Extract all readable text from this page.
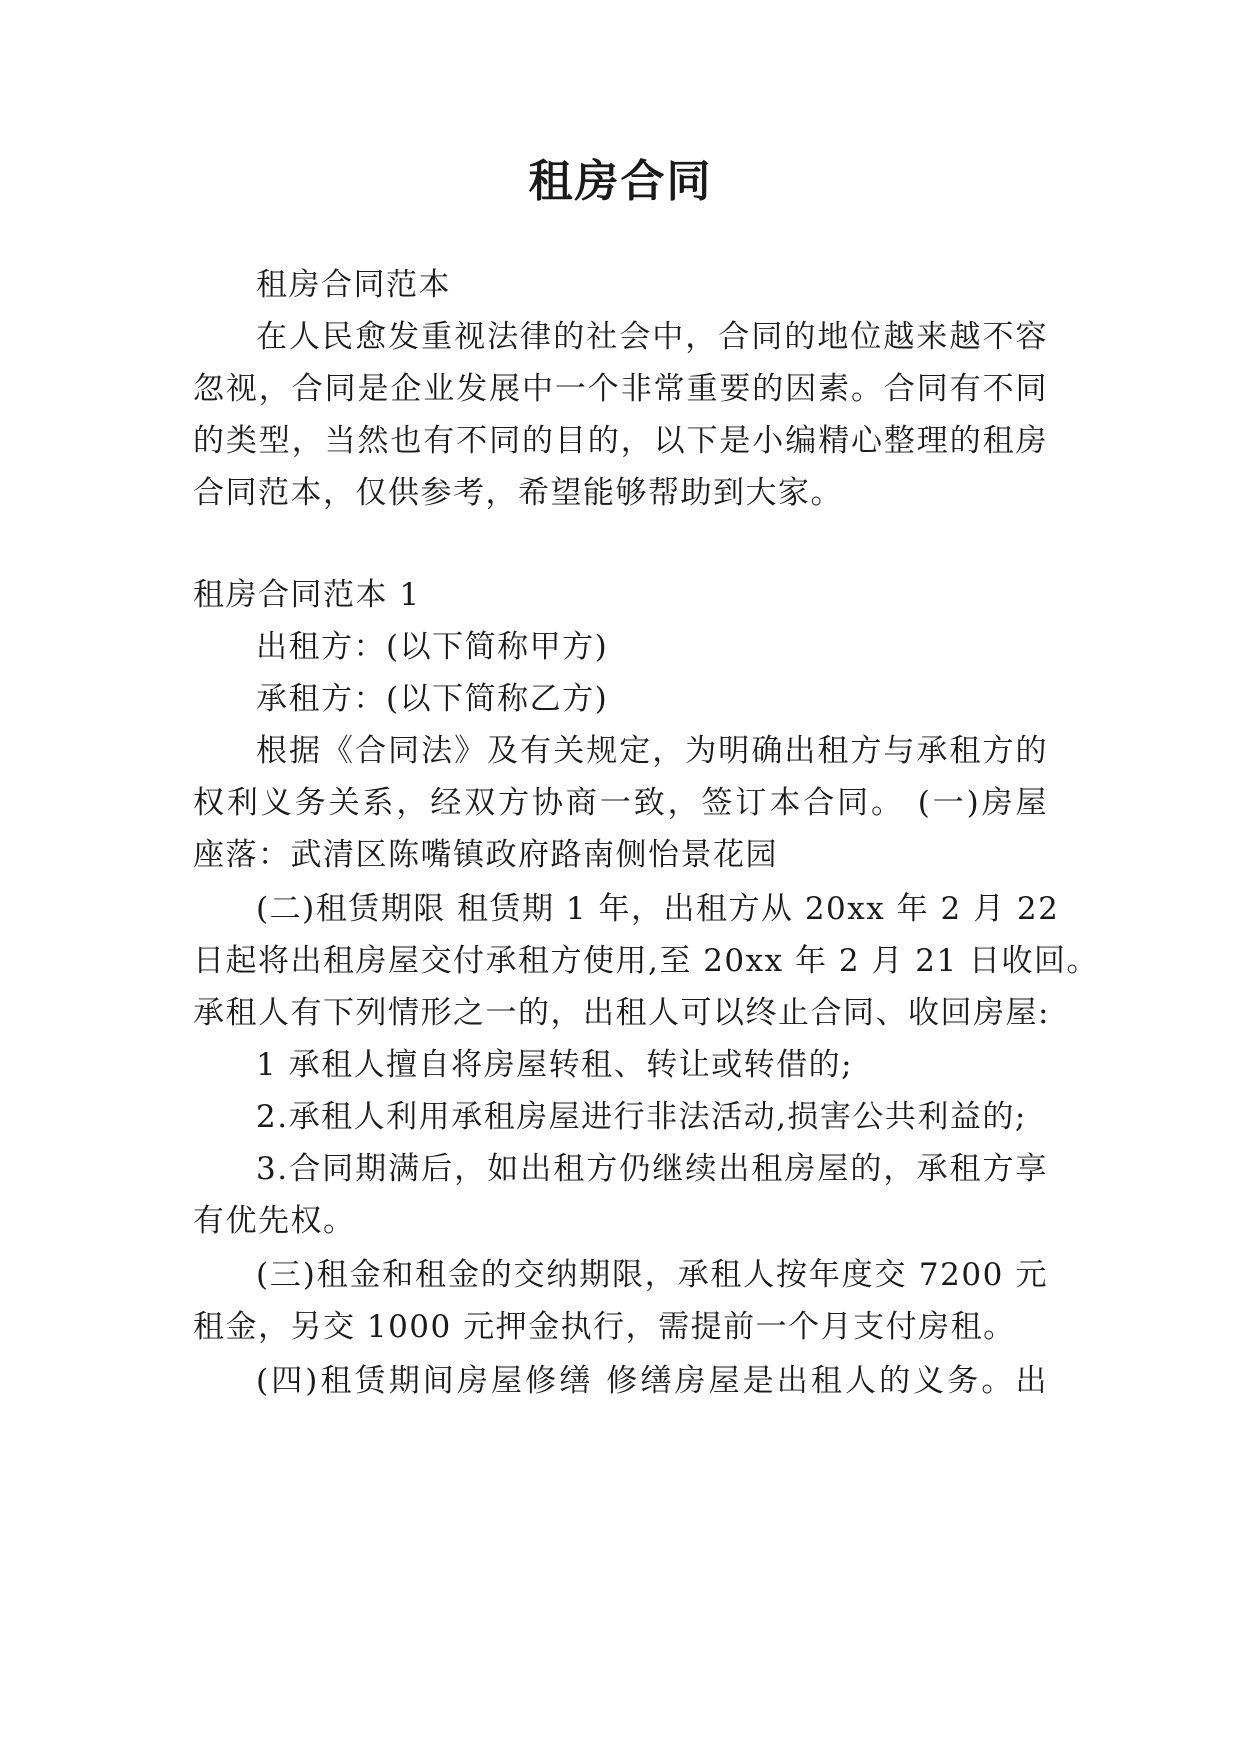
租房合同

租房合同范本

在人民愈发重视法律的社会中，合同的地位越来越不容

忽视，合同是企业发展中一个非常重要的因素。合同有不同

的类型，当然也有不同的目的，以下是小编精心整理的租房

合同范本，仅供参考，希望能够帮助到大家。

租房合同范本 1

出租方：(以下简称甲方)

承租方：(以下简称乙方)

根据《合同法》及有关规定，为明确出租方与承租方的

权利义务关系，经双方协商一致，签订本合同。 (一)房屋

座落：武清区陈嘴镇政府路南侧怡景花园

(二)租赁期限 租赁期 1 年，出租方从 20xx 年 2 月 22

日起将出租房屋交付承租方使用,至 20xx 年 2 月 21 日收回。

承租人有下列情形之一的，出租人可以终止合同、收回房屋:

1 承租人擅自将房屋转租、转让或转借的;

2.承租人利用承租房屋进行非法活动,损害公共利益的;

3.合同期满后，如出租方仍继续出租房屋的，承租方享

有优先权。

(三)租金和租金的交纳期限，承租人按年度交 7200 元

租金，另交 1000 元押金执行，需提前一个月支付房租。

(四)租赁期间房屋修缮 修缮房屋是出租人的义务。出
